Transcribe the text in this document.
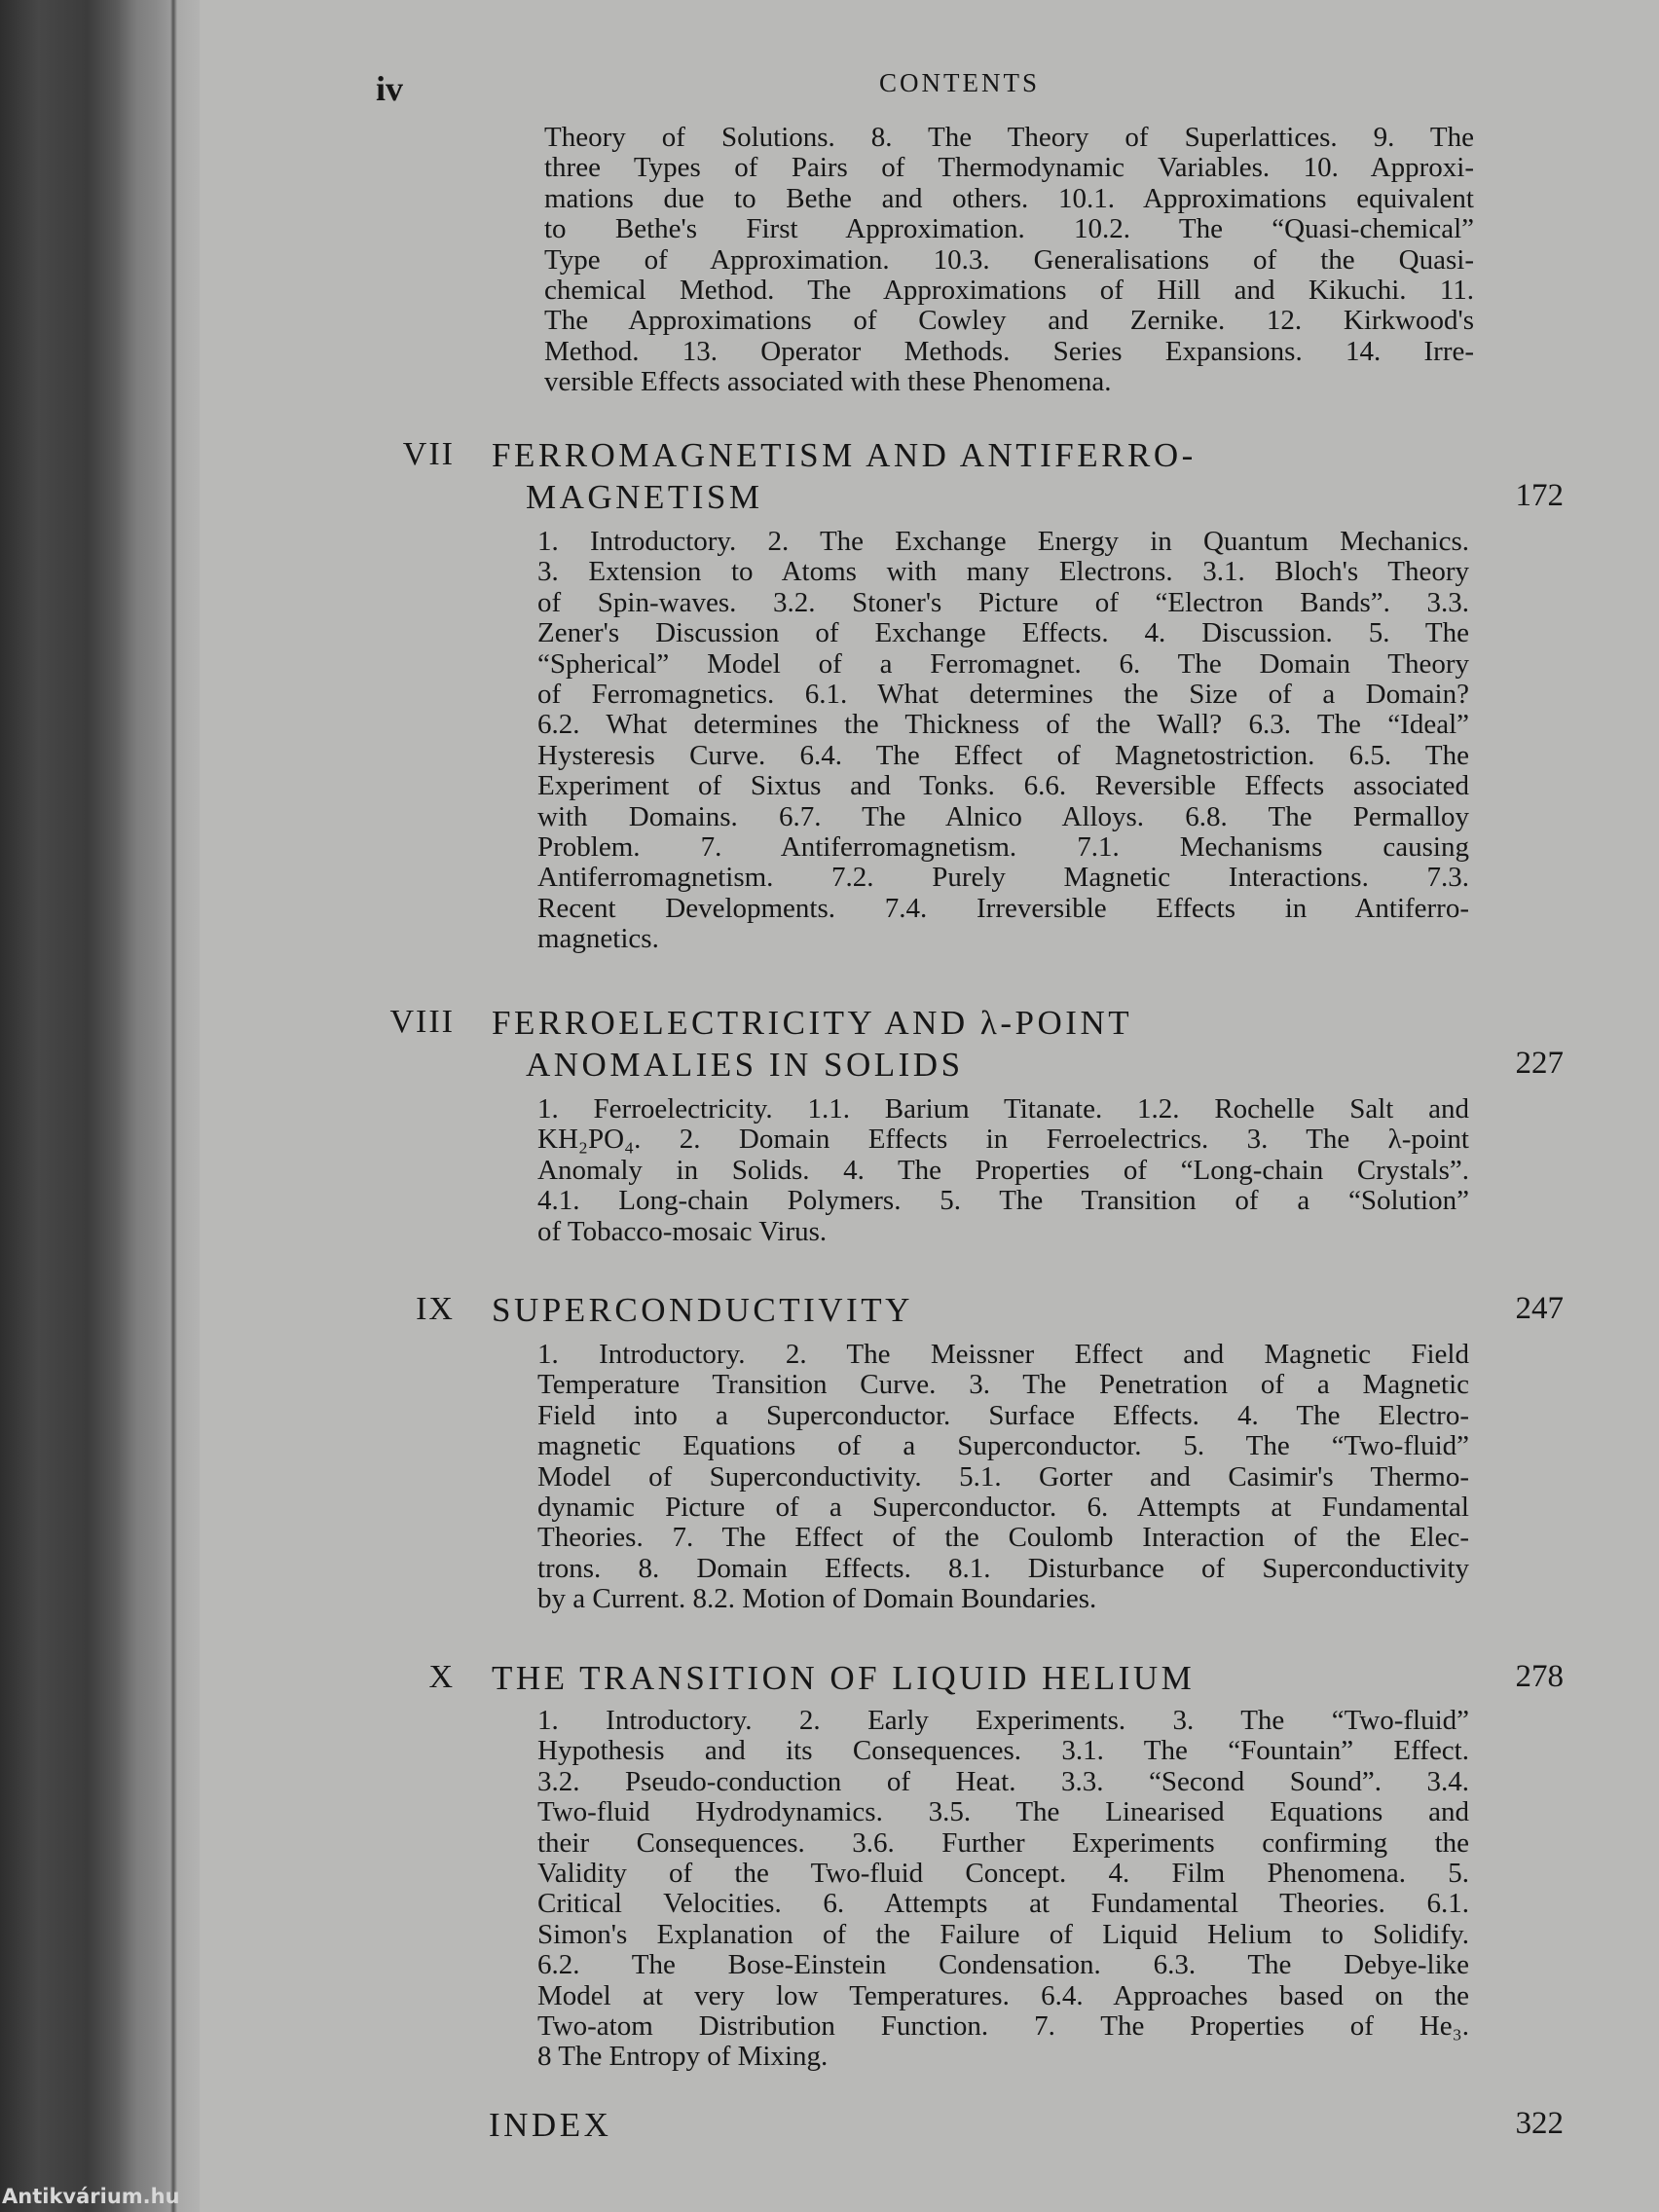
Antikvárium.hu
iv	CONTENTS
Theory of Solutions. 8. The Theory of Superlattices. 9. The
three Types of Pairs of Thermodynamic Variables. 10. Approxi-
mations due to Bethe and others. 10.1. Approximations equivalent
to Bethe's First Approximation. 10.2. The “Quasi-chemical”
Type of Approximation. 10.3. Generalisations of the Quasi-
chemical Method. The Approximations of Hill and Kikuchi. 11.
The Approximations of Cowley and Zernike. 12. Kirkwood's
Method. 13. Operator Methods. Series Expansions. 14. Irre-
versible Effects associated with these Phenomena.
VII FERROMAGNETISM AND ANTIFERRO-
MAGNETISM	172
1. Introductory. 2. The Exchange Energy in Quantum Mechanics.
3. Extension to Atoms with many Electrons. 3.1. Bloch's Theory
of Spin-waves. 3.2. Stoner's Picture of “Electron Bands”. 3.3.
Zener's Discussion of Exchange Effects. 4. Discussion. 5. The
“Spherical” Model of a Ferromagnet. 6. The Domain Theory
of Ferromagnetics. 6.1. What determines the Size of a Domain?
6.2. What determines the Thickness of the Wall? 6.3. The “Ideal”
Hysteresis Curve. 6.4. The Effect of Magnetostriction. 6.5. The
Experiment of Sixtus and Tonks. 6.6. Reversible Effects associated
with Domains. 6.7. The Alnico Alloys. 6.8. The Permalloy
Problem. 7. Antiferromagnetism. 7.1. Mechanisms causing
Antiferromagnetism. 7.2. Purely Magnetic Interactions. 7.3.
Recent Developments. 7.4. Irreversible Effects in Antiferro-
magnetics.
VIII FERROELECTRICITY AND λ-POINT
ANOMALIES IN SOLIDS	227
1. Ferroelectricity. 1.1. Barium Titanate. 1.2. Rochelle Salt and
KH₂PO₄. 2. Domain Effects in Ferroelectrics. 3. The λ-point
Anomaly in Solids. 4. The Properties of “Long-chain Crystals”.
4.1. Long-chain Polymers. 5. The Transition of a “Solution”
of Tobacco-mosaic Virus.
IX SUPERCONDUCTIVITY	247
1. Introductory. 2. The Meissner Effect and Magnetic Field
Temperature Transition Curve. 3. The Penetration of a Magnetic
Field into a Superconductor. Surface Effects. 4. The Electro-
magnetic Equations of a Superconductor. 5. The “Two-fluid”
Model of Superconductivity. 5.1. Gorter and Casimir's Thermo-
dynamic Picture of a Superconductor. 6. Attempts at Fundamental
Theories. 7. The Effect of the Coulomb Interaction of the Elec-
trons. 8. Domain Effects. 8.1. Disturbance of Superconductivity
by a Current. 8.2. Motion of Domain Boundaries.
X THE TRANSITION OF LIQUID HELIUM	278
1. Introductory. 2. Early Experiments. 3. The “Two-fluid”
Hypothesis and its Consequences. 3.1. The “Fountain” Effect.
3.2. Pseudo-conduction of Heat. 3.3. “Second Sound”. 3.4.
Two-fluid Hydrodynamics. 3.5. The Linearised Equations and
their Consequences. 3.6. Further Experiments confirming the
Validity of the Two-fluid Concept. 4. Film Phenomena. 5.
Critical Velocities. 6. Attempts at Fundamental Theories. 6.1.
Simon's Explanation of the Failure of Liquid Helium to Solidify.
6.2. The Bose-Einstein Condensation. 6.3. The Debye-like
Model at very low Temperatures. 6.4. Approaches based on the
Two-atom Distribution Function. 7. The Properties of He₃.
8 The Entropy of Mixing.
INDEX	322
